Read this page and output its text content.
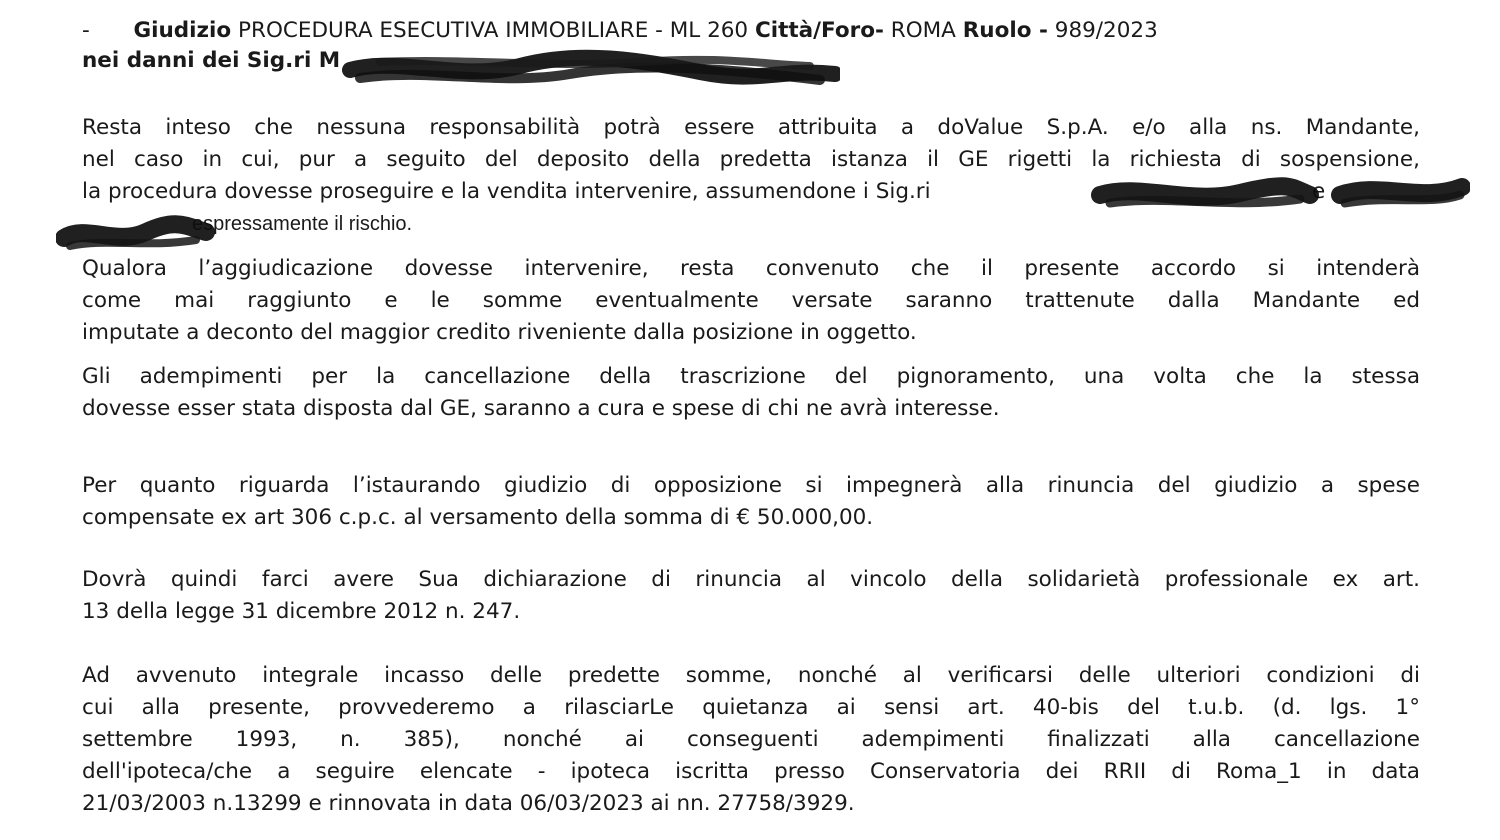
- Giudizio PROCEDURA ESECUTIVA IMMOBILIARE - ML 260 Città/Foro- ROMA Ruolo - 989/2023
nei danni dei Sig.ri M
Resta inteso che nessuna responsabilità potrà essere attribuita a doValue S.p.A. e/o alla ns. Mandante,
nel caso in cui, pur a seguito del deposito della predetta istanza il GE rigetti la richiesta di sospensione,
la procedura dovesse proseguire e la vendita intervenire, assumendone i Sig.ri	e
espressamente il rischio.
Qualora l’aggiudicazione dovesse intervenire, resta convenuto che il presente accordo si intenderà
come mai raggiunto e le somme eventualmente versate saranno trattenute dalla Mandante ed
imputate a deconto del maggior credito riveniente dalla posizione in oggetto.
Gli adempimenti per la cancellazione della trascrizione del pignoramento, una volta che la stessa
dovesse esser stata disposta dal GE, saranno a cura e spese di chi ne avrà interesse.
Per quanto riguarda l’istaurando giudizio di opposizione si impegnerà alla rinuncia del giudizio a spese
compensate ex art 306 c.p.c. al versamento della somma di € 50.000,00.
Dovrà quindi farci avere Sua dichiarazione di rinuncia al vincolo della solidarietà professionale ex art.
13 della legge 31 dicembre 2012 n. 247.
Ad avvenuto integrale incasso delle predette somme, nonché al verificarsi delle ulteriori condizioni di
cui alla presente, provvederemo a rilasciarLe quietanza ai sensi art. 40-bis del t.u.b. (d. lgs. 1°
settembre 1993, n. 385), nonché ai conseguenti adempimenti finalizzati alla cancellazione
dell'ipoteca/che a seguire elencate - ipoteca iscritta presso Conservatoria dei RRII di Roma_1 in data
21/03/2003 n.13299 e rinnovata in data 06/03/2023 ai nn. 27758/3929.
